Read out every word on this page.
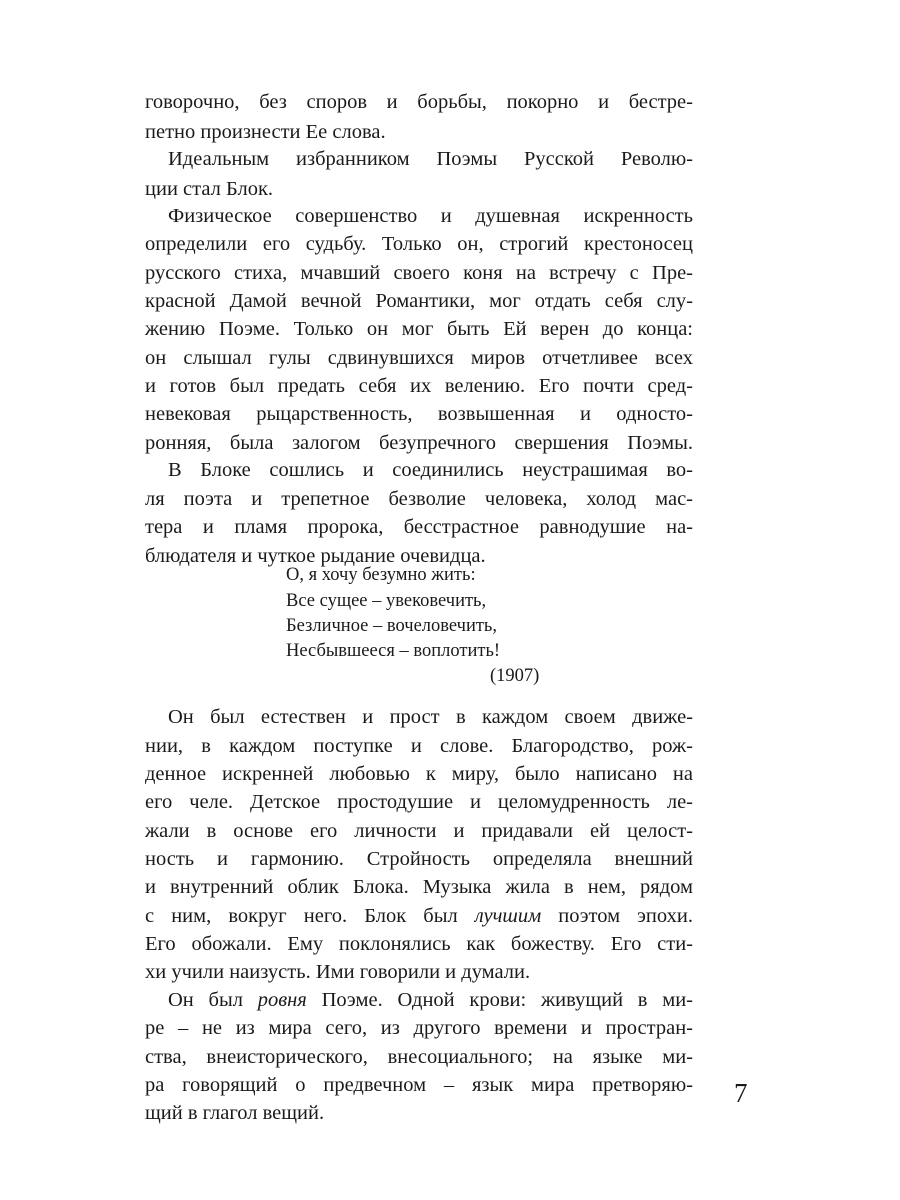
говорочно, без споров и борьбы, покорно и бестре-
петно произнести Ее слова.
Идеальным избранником Поэмы Русской Револю-
ции стал Блок.
Физическое совершенство и душевная искренность
определили его судьбу. Только он, строгий крестоносец
русского стиха, мчавший своего коня на встречу с Пре-
красной Дамой вечной Романтики, мог отдать себя слу-
жению Поэме. Только он мог быть Ей верен до конца:
он слышал гулы сдвинувшихся миров отчетливее всех
и готов был предать себя их велению. Его почти сред-
невековая рыцарственность, возвышенная и односто-
ронняя, была залогом безупречного свершения Поэмы.
В Блоке сошлись и соединились неустрашимая во-
ля поэта и трепетное безволие человека, холод мас-
тера и пламя пророка, бесстрастное равнодушие на-
блюдателя и чуткое рыдание очевидца.
О, я хочу безумно жить:
Все сущее – увековечить,
Безличное – вочеловечить,
Несбывшееся – воплотить!
(1907)
Он был естествен и прост в каждом своем движе-
нии, в каждом поступке и слове. Благородство, рож-
денное искренней любовью к миру, было написано на
его челе. Детское простодушие и целомудренность ле-
жали в основе его личности и придавали ей целост-
ность и гармонию. Стройность определяла внешний
и внутренний облик Блока. Музыка жила в нем, рядом
с ним, вокруг него. Блок был лучшим поэтом эпохи.
Его обожали. Ему поклонялись как божеству. Его сти-
хи учили наизусть. Ими говорили и думали.
Он был ровня Поэме. Одной крови: живущий в ми-
ре – не из мира сего, из другого времени и простран-
ства, внеисторического, внесоциального; на языке ми-
ра говорящий о предвечном – язык мира претворяю-
щий в глагол вещий.
7
